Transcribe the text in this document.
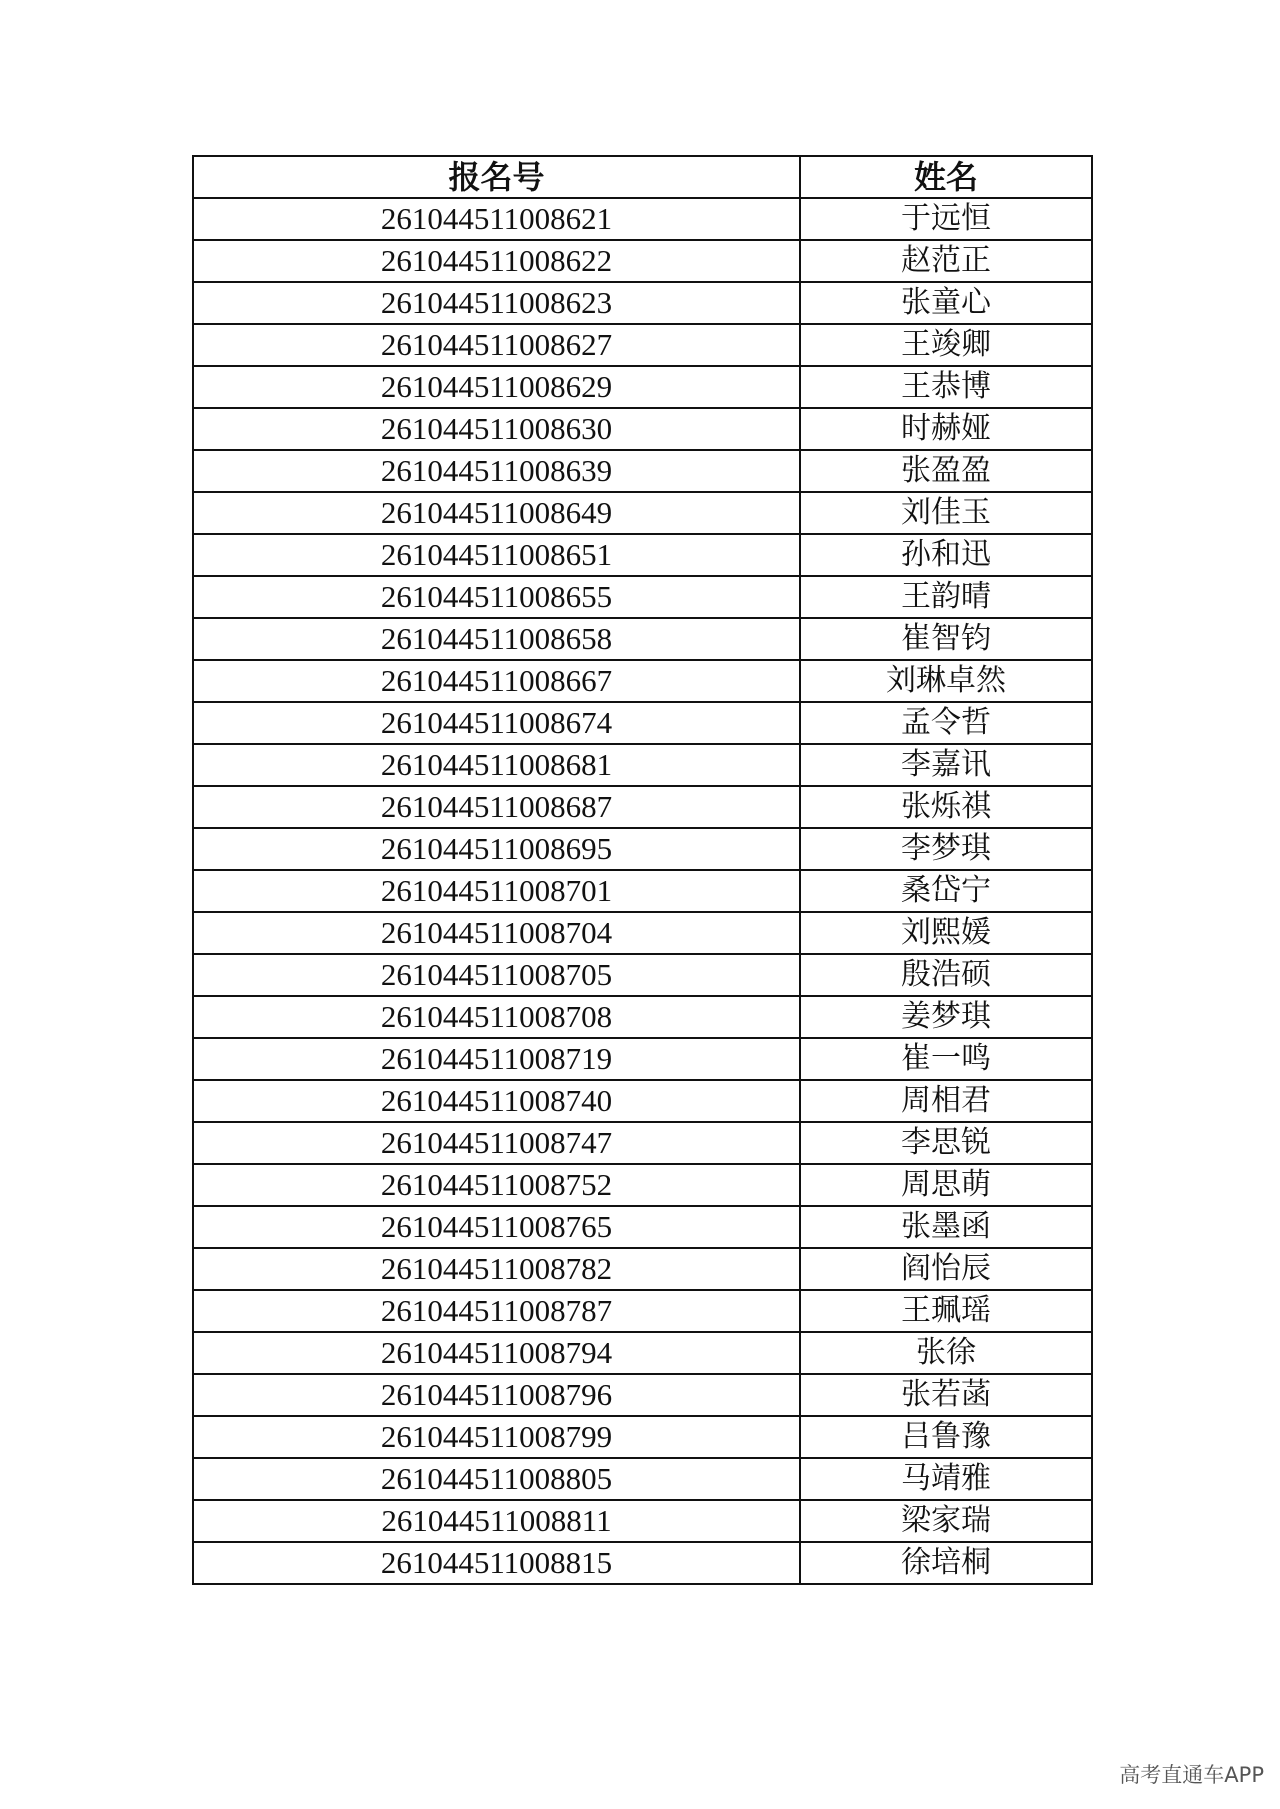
报名号	姓名
261044511008621	于远恒
261044511008622	赵范正
261044511008623	张童心
261044511008627	王竣卿
261044511008629	王恭博
261044511008630	时赫娅
261044511008639	张盈盈
261044511008649	刘佳玉
261044511008651	孙和迅
261044511008655	王韵晴
261044511008658	崔智钧
261044511008667	刘琳卓然
261044511008674	孟令哲
261044511008681	李嘉讯
261044511008687	张烁祺
261044511008695	李梦琪
261044511008701	桑岱宁
261044511008704	刘熙媛
261044511008705	殷浩硕
261044511008708	姜梦琪
261044511008719	崔一鸣
261044511008740	周相君
261044511008747	李思锐
261044511008752	周思萌
261044511008765	张墨函
261044511008782	阎怡辰
261044511008787	王珮瑶
261044511008794	张徐
261044511008796	张若菡
261044511008799	吕鲁豫
261044511008805	马靖雅
261044511008811	梁家瑞
261044511008815	徐培桐
高考直通车APP
